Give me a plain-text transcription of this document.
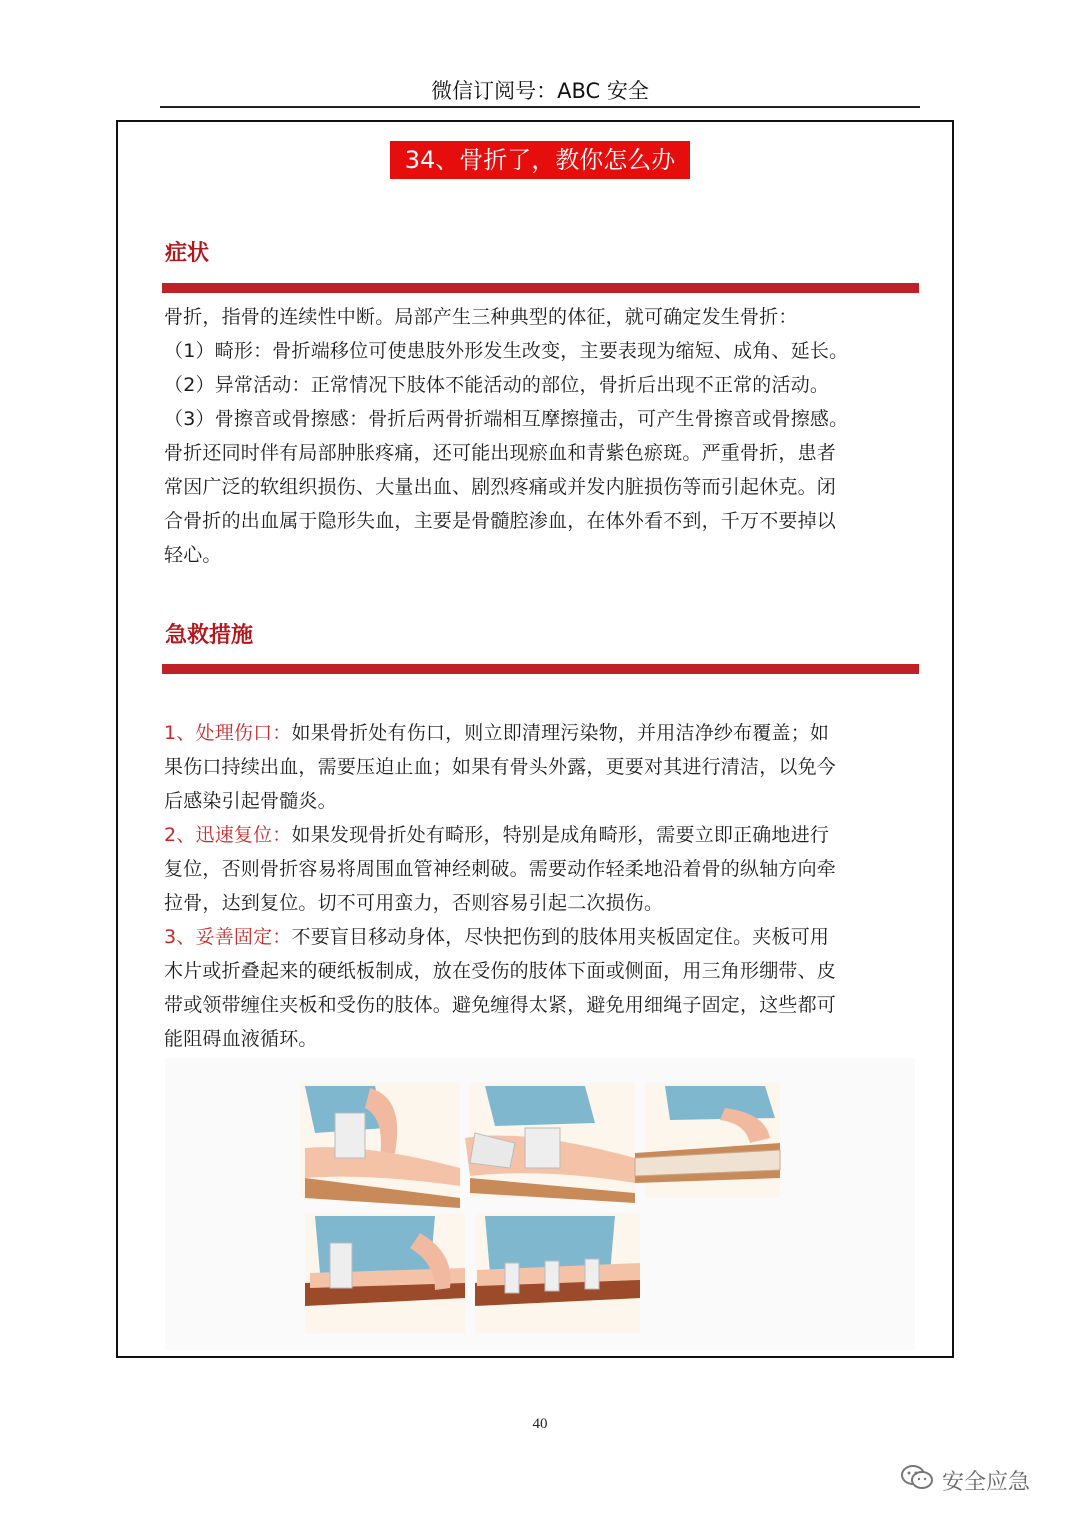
微信订阅号：ABC 安全
34、骨折了，教你怎么办
症状

骨折，指骨的连续性中断。局部产生三种典型的体征，就可确定发生骨折：

（1）畸形：骨折端移位可使患肢外形发生改变，主要表现为缩短、成角、延长。

（2）异常活动：正常情况下肢体不能活动的部位，骨折后出现不正常的活动。

（3）骨擦音或骨擦感：骨折后两骨折端相互摩擦撞击，可产生骨擦音或骨擦感。

骨折还同时伴有局部肿胀疼痛，还可能出现瘀血和青紫色瘀斑。严重骨折，患者

常因广泛的软组织损伤、大量出血、剧烈疼痛或并发内脏损伤等而引起休克。闭

合骨折的出血属于隐形失血，主要是骨髓腔渗血，在体外看不到，千万不要掉以

轻心。

急救措施

1、处理伤口：如果骨折处有伤口，则立即清理污染物，并用洁净纱布覆盖；如

果伤口持续出血，需要压迫止血；如果有骨头外露，更要对其进行清洁，以免今

后感染引起骨髓炎。

2、迅速复位：如果发现骨折处有畸形，特别是成角畸形，需要立即正确地进行

复位，否则骨折容易将周围血管神经刺破。需要动作轻柔地沿着骨的纵轴方向牵

拉骨，达到复位。切不可用蛮力，否则容易引起二次损伤。

3、妥善固定：不要盲目移动身体，尽快把伤到的肢体用夹板固定住。夹板可用

木片或折叠起来的硬纸板制成，放在受伤的肢体下面或侧面，用三角形绷带、皮

带或领带缠住夹板和受伤的肢体。避免缠得太紧，避免用细绳子固定，这些都可

能阻碍血液循环。

40
安全应急
